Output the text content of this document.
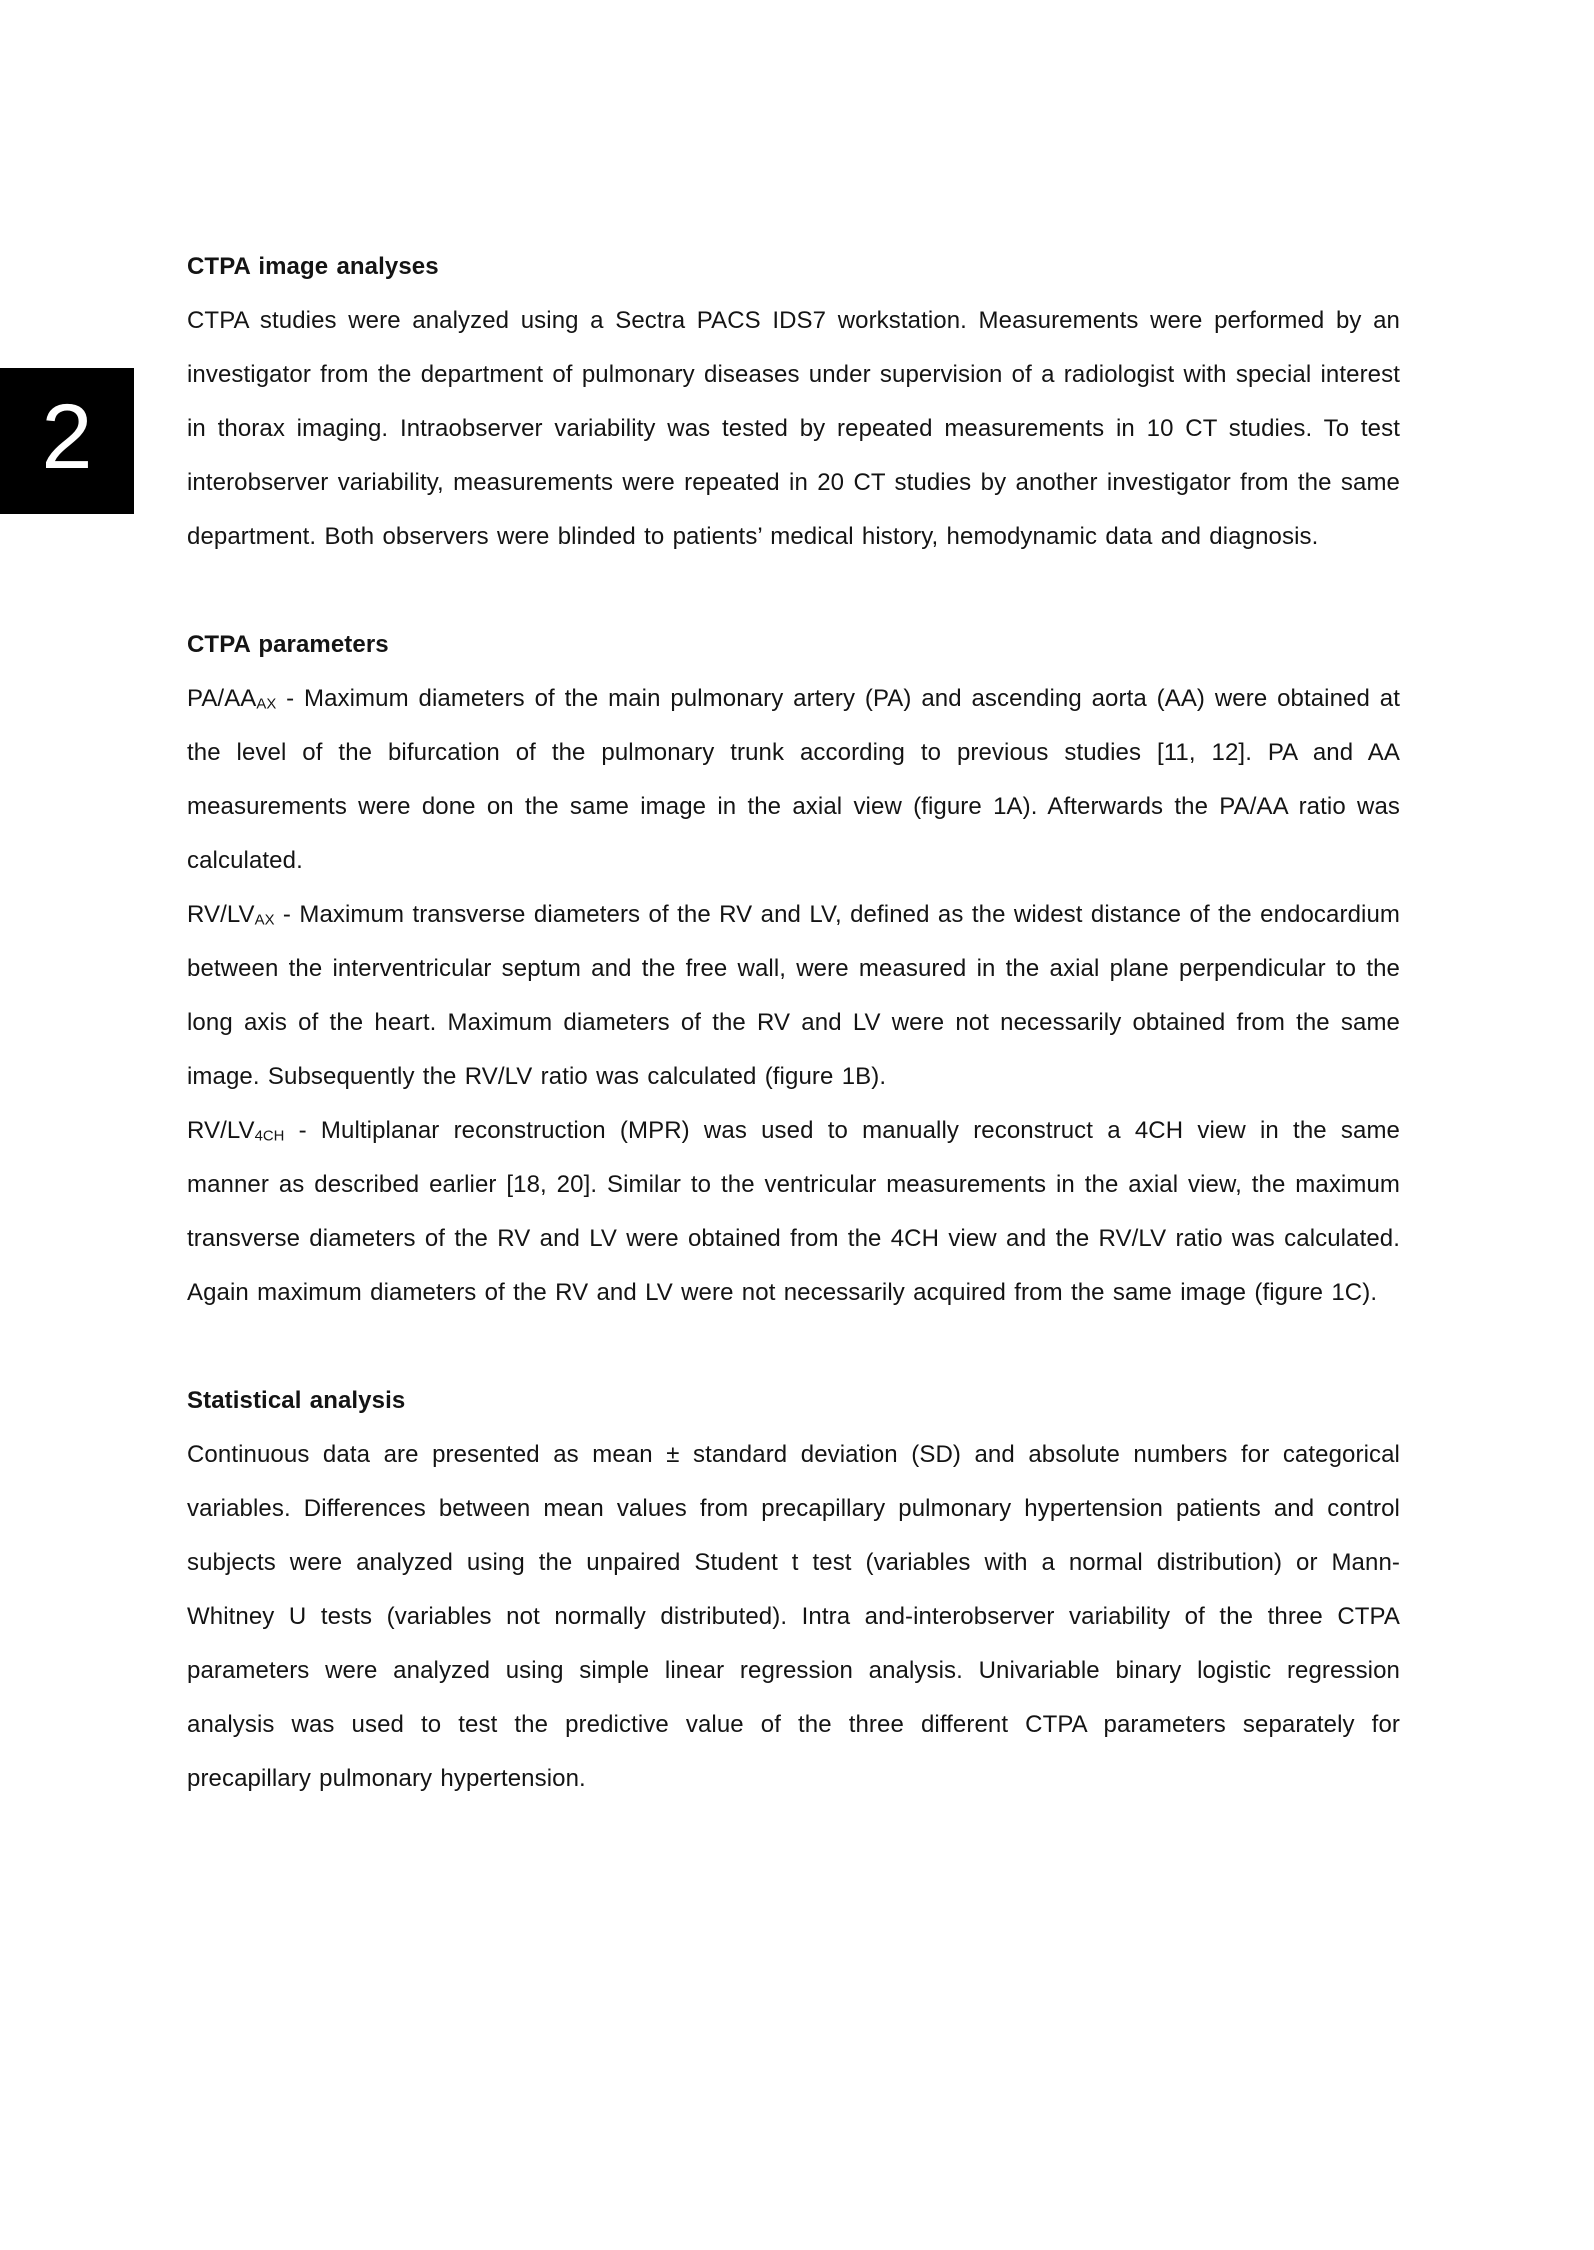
2
CTPA image analyses

CTPA studies were analyzed using a Sectra PACS IDS7 workstation. Measurements were performed by an investigator from the department of pulmonary diseases under supervision of a radiologist with special interest in thorax imaging. Intraobserver variability was tested by repeated measurements in 10 CT studies. To test interobserver variability, measurements were repeated in 20 CT studies by another investigator from the same department. Both observers were blinded to patients’ medical history, hemodynamic data and diagnosis.

CTPA parameters

$PA/AA_{AX}$ - Maximum diameters of the main pulmonary artery (PA) and ascending aorta (AA) were obtained at the level of the bifurcation of the pulmonary trunk according to previous studies [11, 12]. PA and AA measurements were done on the same image in the axial view (figure 1A). Afterwards the PA/AA ratio was calculated.

$RV/LV_{AX}$ - Maximum transverse diameters of the RV and LV, defined as the widest distance of the endocardium between the interventricular septum and the free wall, were measured in the axial plane perpendicular to the long axis of the heart. Maximum diameters of the RV and LV were not necessarily obtained from the same image. Subsequently the RV/LV ratio was calculated (figure 1B).

$RV/LV_{4CH}$ - Multiplanar reconstruction (MPR) was used to manually reconstruct a 4CH view in the same manner as described earlier [18, 20]. Similar to the ventricular measurements in the axial view, the maximum transverse diameters of the RV and LV were obtained from the 4CH view and the RV/LV ratio was calculated. Again maximum diameters of the RV and LV were not necessarily acquired from the same image (figure 1C).

Statistical analysis

Continuous data are presented as mean ± standard deviation (SD) and absolute numbers for categorical variables. Differences between mean values from precapillary pulmonary hypertension patients and control subjects were analyzed using the unpaired Student t test (variables with a normal distribution) or Mann-Whitney U tests (variables not normally distributed). Intra and-interobserver variability of the three CTPA parameters were analyzed using simple linear regression analysis. Univariable binary logistic regression analysis was used to test the predictive value of the three different CTPA parameters separately for precapillary pulmonary hypertension.
